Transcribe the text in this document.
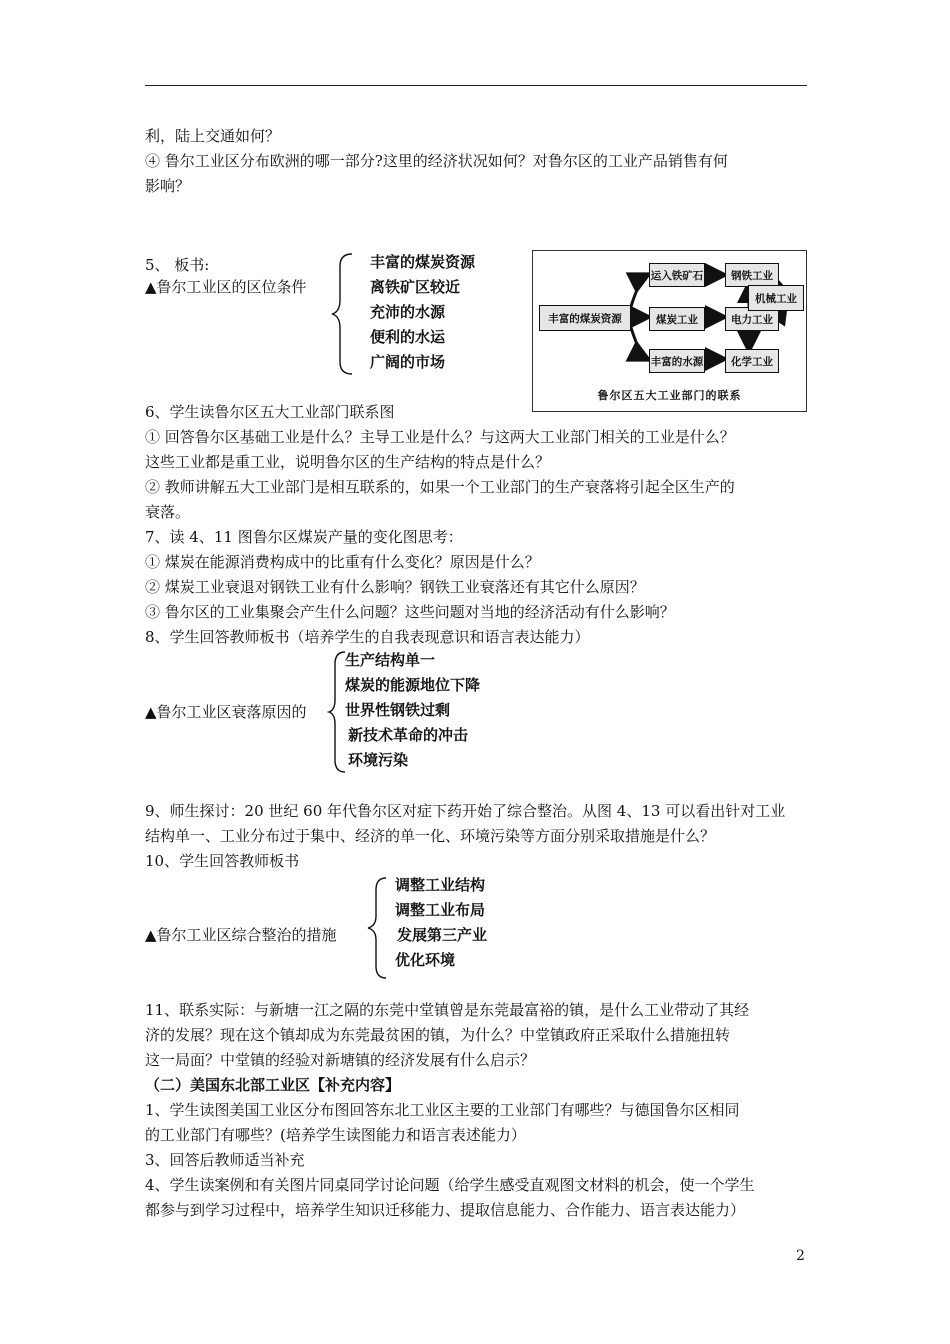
利，陆上交通如何？
④ 鲁尔工业区分布欧洲的哪一部分?这里的经济状况如何？对鲁尔区的工业产品销售有何
影响？
5、 板书:
▲鲁尔工业区的区位条件
丰富的煤炭资源
离铁矿区较近
充沛的水源
便利的水运
广阔的市场
丰富的煤炭资源
运入铁矿石
煤炭工业
丰富的水源
钢铁工业
电力工业
化学工业
鲁尔区五大工业部门的联系
机械工业
6、学生读鲁尔区五大工业部门联系图
① 回答鲁尔区基础工业是什么？主导工业是什么？与这两大工业部门相关的工业是什么？
这些工业都是重工业，说明鲁尔区的生产结构的特点是什么？
② 教师讲解五大工业部门是相互联系的，如果一个工业部门的生产衰落将引起全区生产的
衰落。
7、读 4、11 图鲁尔区煤炭产量的变化图思考：
① 煤炭在能源消费构成中的比重有什么变化？原因是什么？
② 煤炭工业衰退对钢铁工业有什么影响？钢铁工业衰落还有其它什么原因？
③ 鲁尔区的工业集聚会产生什么问题？这些问题对当地的经济活动有什么影响？
8、学生回答教师板书（培养学生的自我表现意识和语言表达能力）
▲鲁尔工业区衰落原因的
生产结构单一
煤炭的能源地位下降
世界性钢铁过剩
新技术革命的冲击
环境污染
9、师生探讨：20 世纪 60 年代鲁尔区对症下药开始了综合整治。从图 4、13 可以看出针对工业
结构单一、工业分布过于集中、经济的单一化、环境污染等方面分别采取措施是什么？
10、学生回答教师板书
▲鲁尔工业区综合整治的措施
调整工业结构
调整工业布局
发展第三产业
优化环境
11、联系实际：与新塘一江之隔的东莞中堂镇曾是东莞最富裕的镇，是什么工业带动了其经
济的发展？现在这个镇却成为东莞最贫困的镇，为什么？中堂镇政府正采取什么措施扭转
这一局面？中堂镇的经验对新塘镇的经济发展有什么启示？
（二）美国东北部工业区【补充内容】
1、学生读图美国工业区分布图回答东北工业区主要的工业部门有哪些？与德国鲁尔区相同
的工业部门有哪些？(培养学生读图能力和语言表述能力）
3、回答后教师适当补充
4、学生读案例和有关图片同桌同学讨论问题（给学生感受直观图文材料的机会，使一个学生
都参与到学习过程中，培养学生知识迁移能力、提取信息能力、合作能力、语言表达能力）
2
